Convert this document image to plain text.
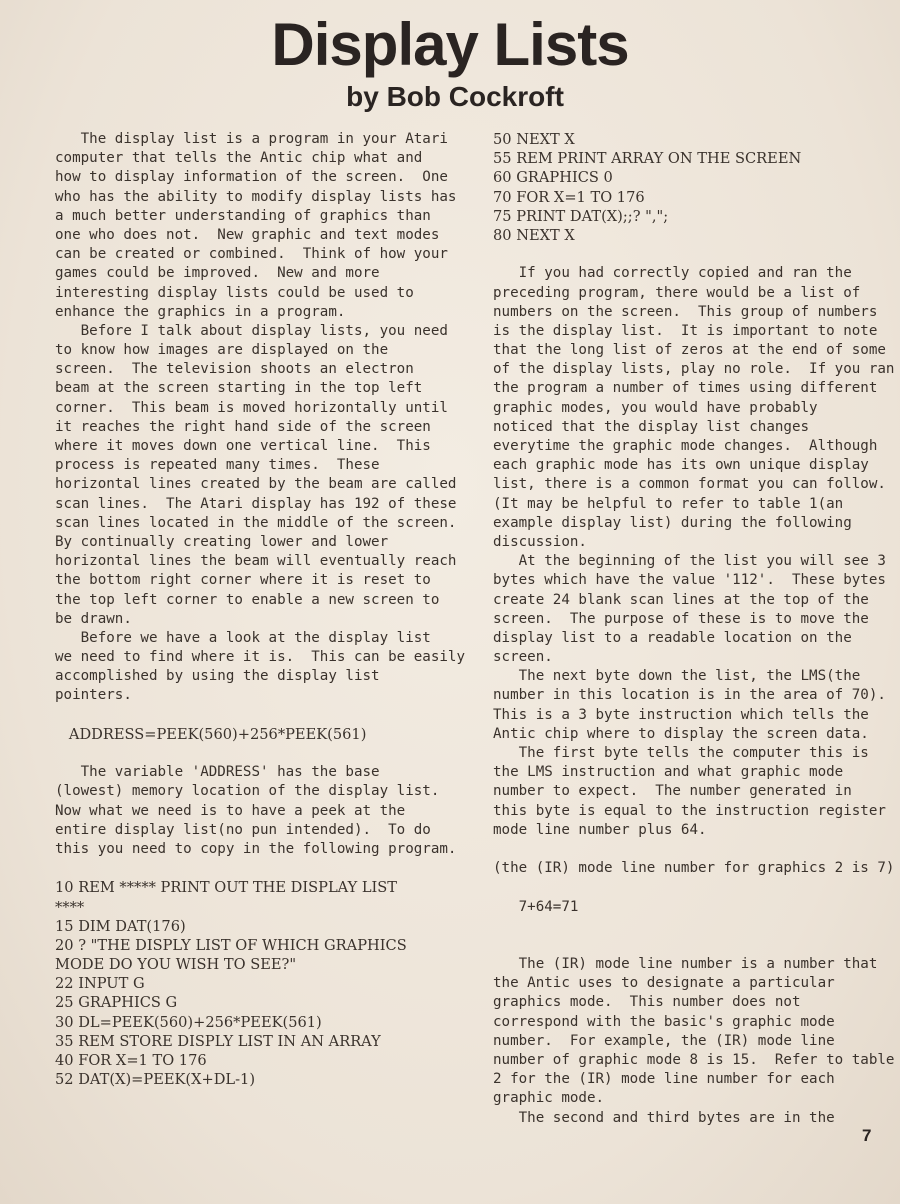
Display Lists
by Bob Cockroft
The display list is a program in your Atari
computer that tells the Antic chip what and
how to display information of the screen.  One
who has the ability to modify display lists has
a much better understanding of graphics than
one who does not.  New graphic and text modes
can be created or combined.  Think of how your
games could be improved.  New and more
interesting display lists could be used to
enhance the graphics in a program.
Before I talk about display lists, you need
to know how images are displayed on the
screen.  The television shoots an electron
beam at the screen starting in the top left
corner.  This beam is moved horizontally until
it reaches the right hand side of the screen
where it moves down one vertical line.  This
process is repeated many times.  These
horizontal lines created by the beam are called
scan lines.  The Atari display has 192 of these
scan lines located in the middle of the screen.
By continually creating lower and lower
horizontal lines the beam will eventually reach
the bottom right corner where it is reset to
the top left corner to enable a new screen to
be drawn.
Before we have a look at the display list
we need to find where it is.  This can be easily
accomplished by using the display list
pointers.
ADDRESS=PEEK(560)+256*PEEK(561)
The variable 'ADDRESS' has the base
(lowest) memory location of the display list.
Now what we need is to have a peek at the
entire display list(no pun intended).  To do
this you need to copy in the following program.
10 REM ***** PRINT OUT THE DISPLAY LIST
****
15 DIM DAT(176)
20 ? "THE DISPLY LIST OF WHICH GRAPHICS
MODE DO YOU WISH TO SEE?"
22 INPUT G
25 GRAPHICS G
30 DL=PEEK(560)+256*PEEK(561)
35 REM STORE DISPLY LIST IN AN ARRAY
40 FOR X=1 TO 176
52 DAT(X)=PEEK(X+DL-1)
50 NEXT X
55 REM PRINT ARRAY ON THE SCREEN
60 GRAPHICS 0
70 FOR X=1 TO 176
75 PRINT DAT(X);;? ",";
80 NEXT X
If you had correctly copied and ran the
preceding program, there would be a list of
numbers on the screen.  This group of numbers
is the display list.  It is important to note
that the long list of zeros at the end of some
of the display lists, play no role.  If you ran
the program a number of times using different
graphic modes, you would have probably
noticed that the display list changes
everytime the graphic mode changes.  Although
each graphic mode has its own unique display
list, there is a common format you can follow.
(It may be helpful to refer to table 1(an
example display list) during the following
discussion.
At the beginning of the list you will see 3
bytes which have the value '112'.  These bytes
create 24 blank scan lines at the top of the
screen.  The purpose of these is to move the
display list to a readable location on the
screen.
The next byte down the list, the LMS(the
number in this location is in the area of 70).
This is a 3 byte instruction which tells the
Antic chip where to display the screen data.
The first byte tells the computer this is
the LMS instruction and what graphic mode
number to expect.  The number generated in
this byte is equal to the instruction register
mode line number plus 64.
(the (IR) mode line number for graphics 2 is 7)
7+64=71
The (IR) mode line number is a number that
the Antic uses to designate a particular
graphics mode.  This number does not
correspond with the basic's graphic mode
number.  For example, the (IR) mode line
number of graphic mode 8 is 15.  Refer to table
2 for the (IR) mode line number for each
graphic mode.
The second and third bytes are in the
7
